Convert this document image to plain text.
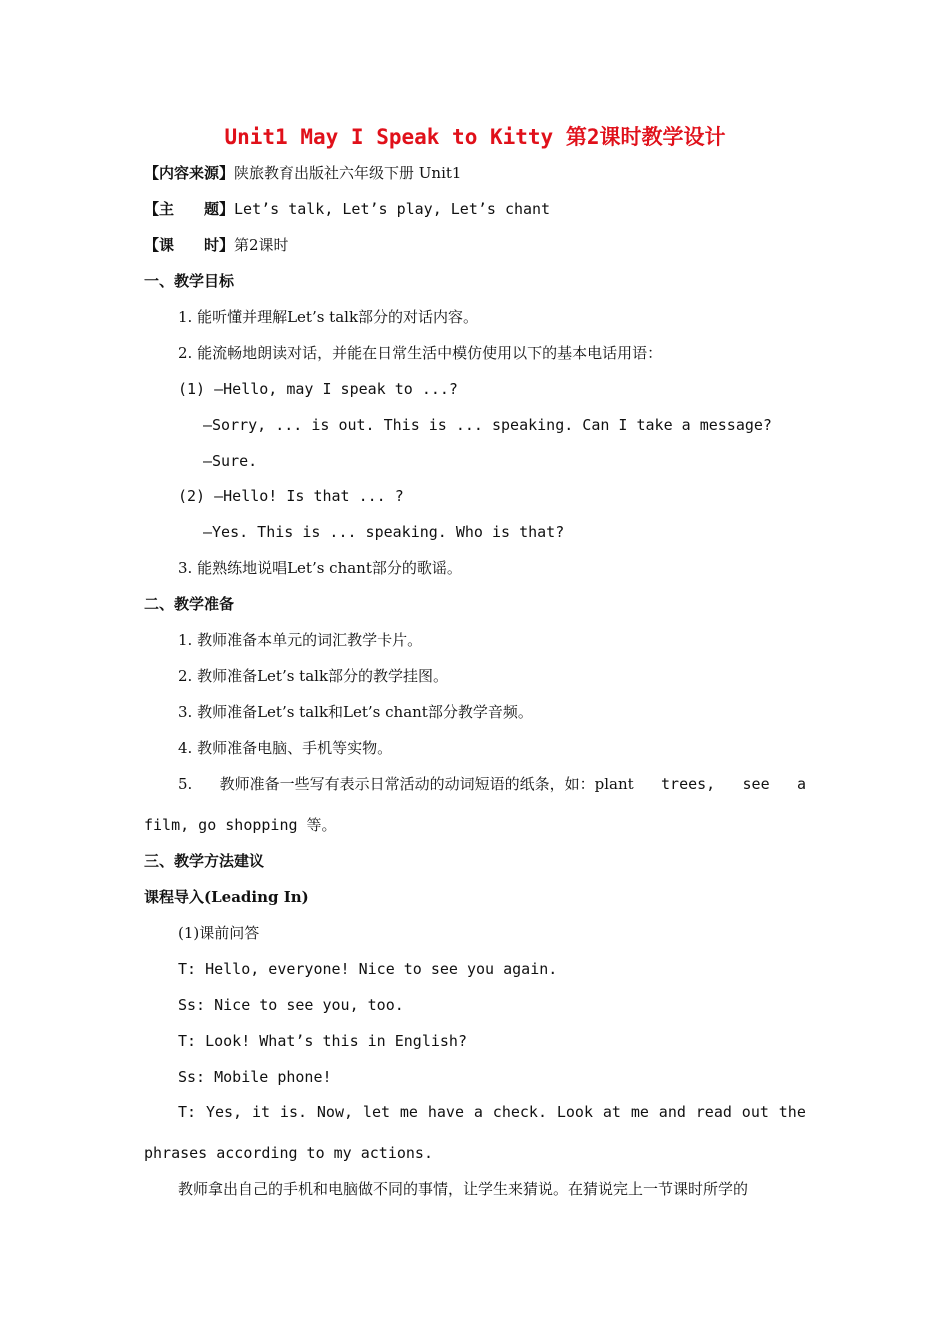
Unit1 May I Speak to Kitty 第2课时教学设计
【内容来源】陕旅教育出版社六年级下册 Unit1
【主　　题】Let’s talk, Let’s play, Let’s chant
【课　　时】第2课时
一、教学目标
1. 能听懂并理解Let’s talk部分的对话内容。
2. 能流畅地朗读对话，并能在日常生活中模仿使用以下的基本电话用语：
(1) —Hello, may I speak to ...?
—Sorry, ... is out. This is ... speaking. Can I take a message?
—Sure.
(2) —Hello! Is that ... ?
—Yes. This is ... speaking. Who is that?
3. 能熟练地说唱Let’s chant部分的歌谣。
二、教学准备
1. 教师准备本单元的词汇教学卡片。
2. 教师准备Let’s talk部分的教学挂图。
3. 教师准备Let’s talk和Let’s chant部分教学音频。
4. 教师准备电脑、手机等实物。
5. 教师准备一些写有表示日常活动的动词短语的纸条，如：plant trees, see a
film, go shopping 等。
三、教学方法建议
课程导入(Leading In)
(1)课前问答
T: Hello, everyone! Nice to see you again.
Ss: Nice to see you, too.
T: Look! What’s this in English?
Ss: Mobile phone!
T: Yes, it is. Now, let me have a check. Look at me and read out the
phrases according to my actions.
教师拿出自己的手机和电脑做不同的事情，让学生来猜说。在猜说完上一节课时所学的
